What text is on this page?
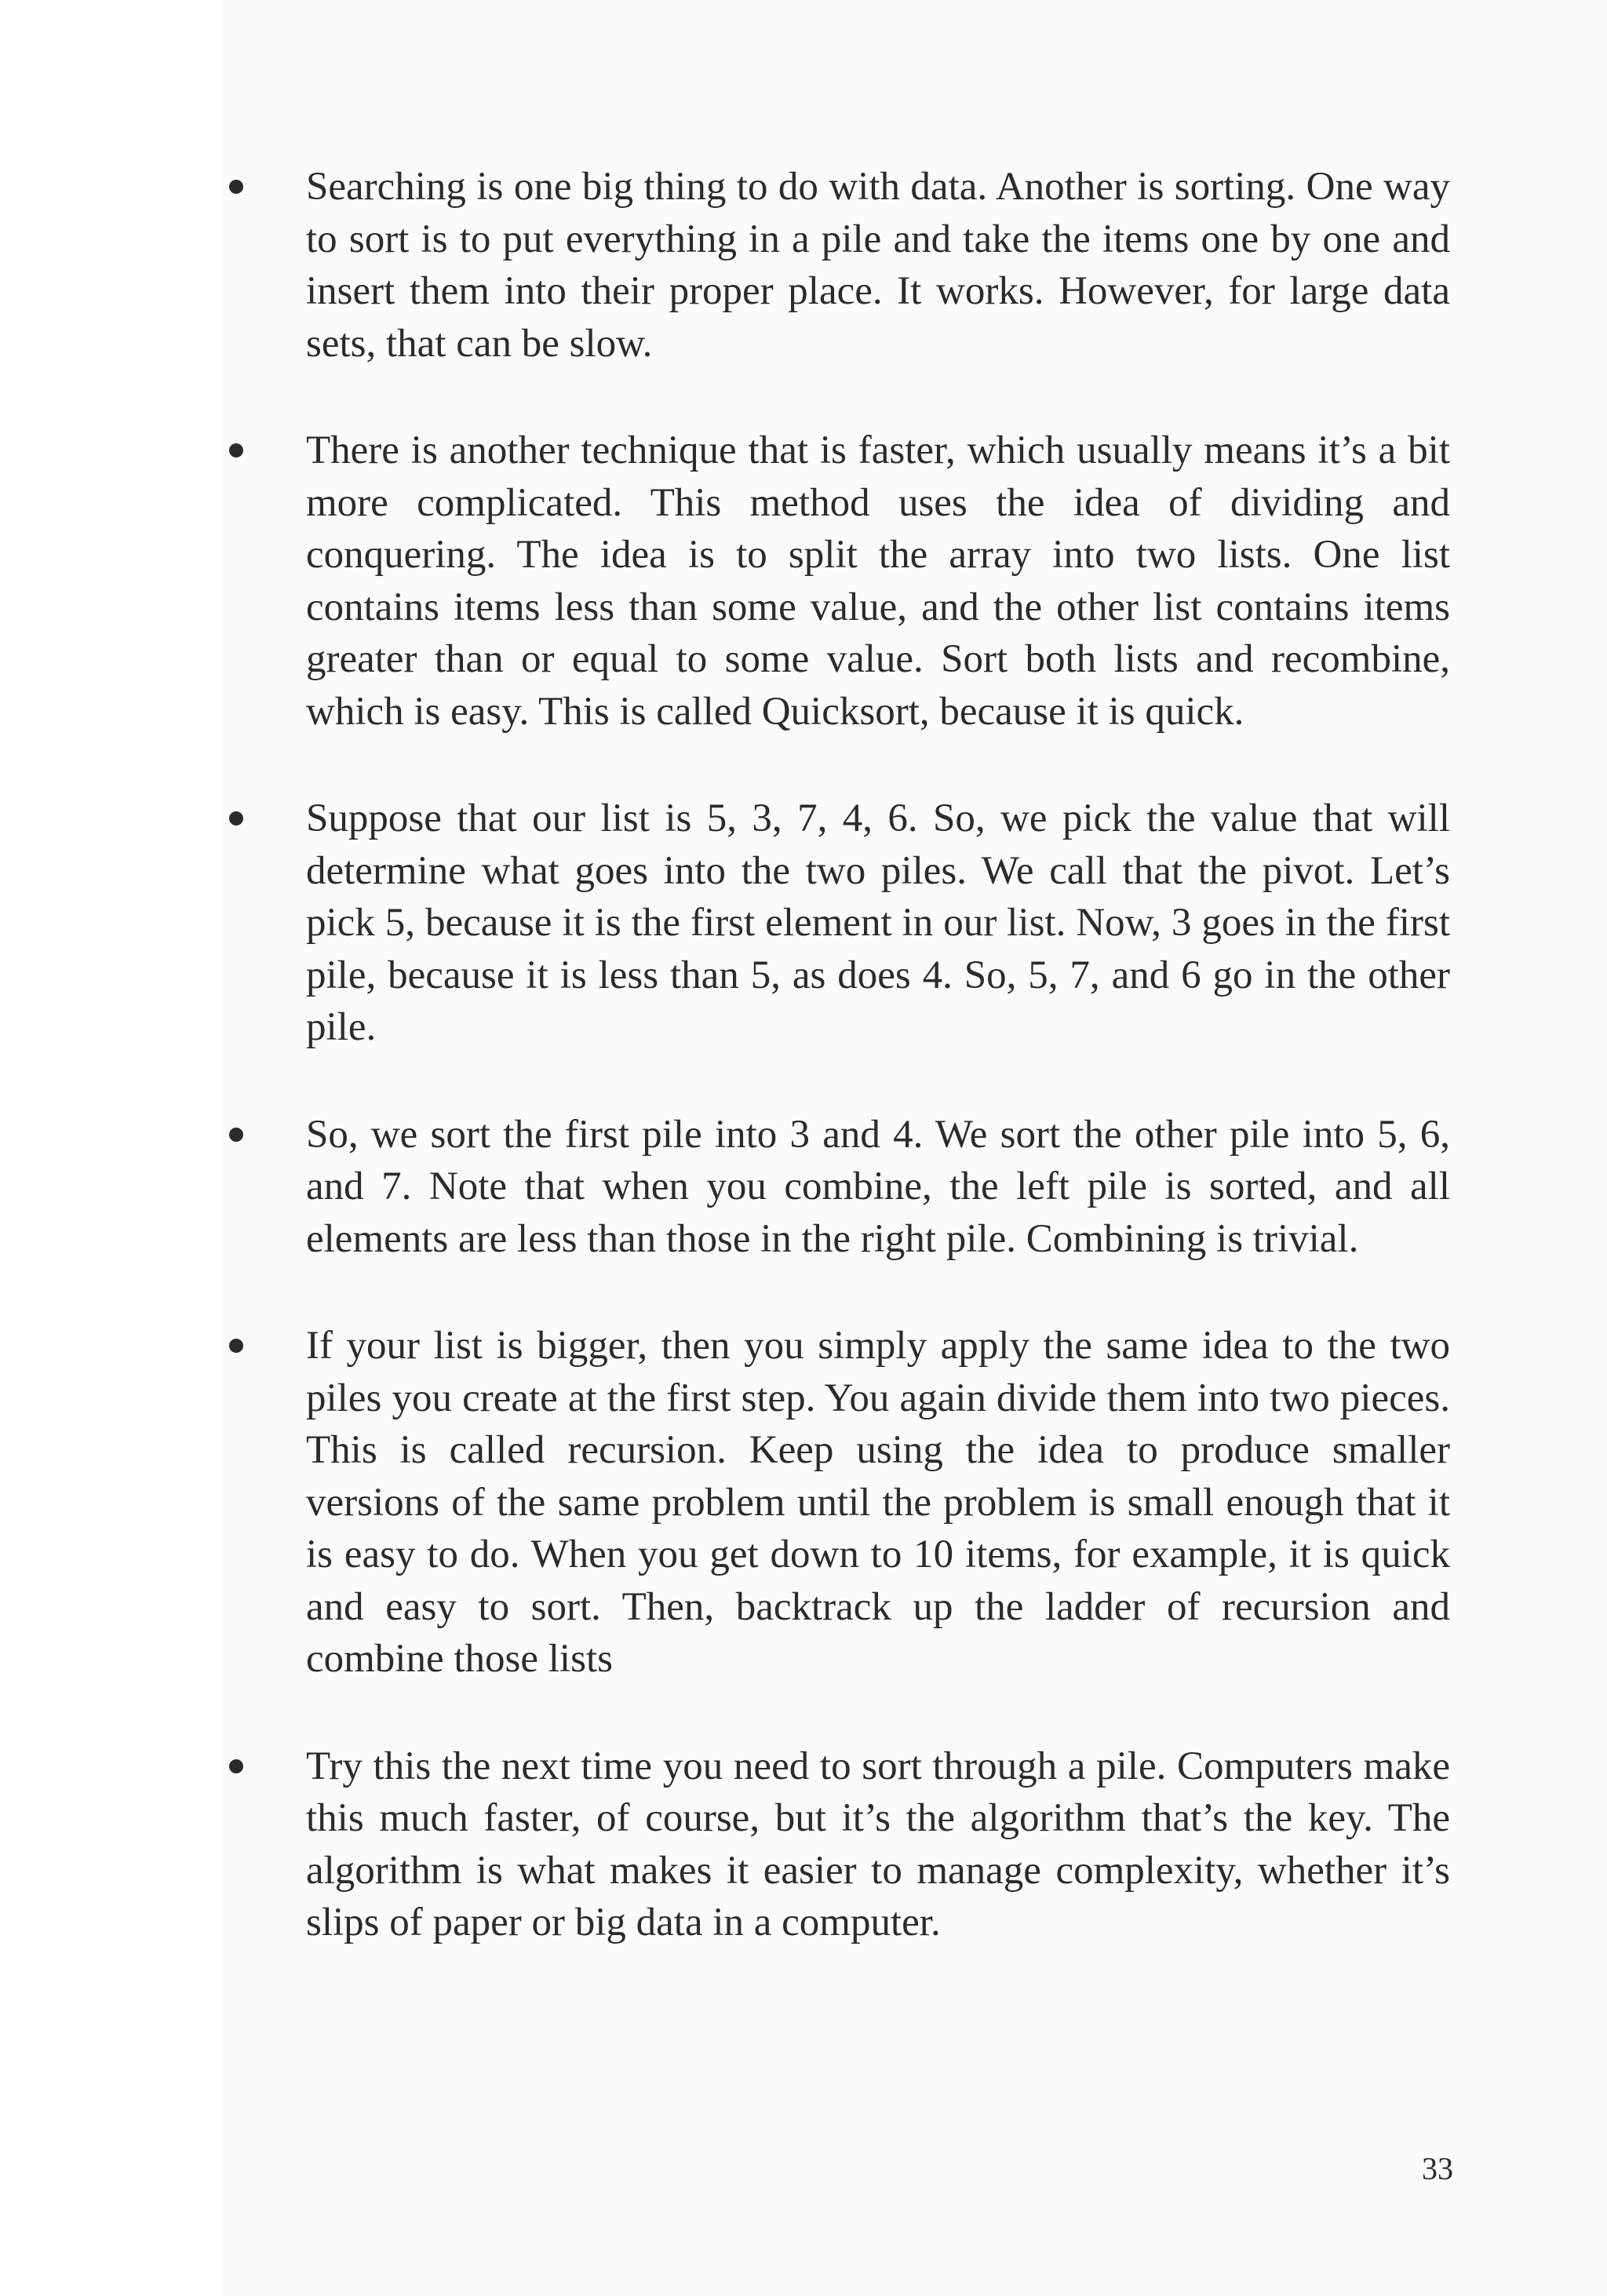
Searching is one big thing to do with data. Another is sorting. One way to sort is to put everything in a pile and take the items one by one and insert them into their proper place. It works. However, for large data sets, that can be slow.
There is another technique that is faster, which usually means it’s a bit more complicated. This method uses the idea of dividing and conquering. The idea is to split the array into two lists. One list contains items less than some value, and the other list contains items greater than or equal to some value. Sort both lists and recombine, which is easy. This is called Quicksort, because it is quick.
Suppose that our list is 5, 3, 7, 4, 6. So, we pick the value that will determine what goes into the two piles. We call that the pivot. Let’s pick 5, because it is the first element in our list. Now, 3 goes in the first pile, because it is less than 5, as does 4. So, 5, 7, and 6 go in the other pile.
So, we sort the first pile into 3 and 4. We sort the other pile into 5, 6, and 7. Note that when you combine, the left pile is sorted, and all elements are less than those in the right pile. Combining is trivial.
If your list is bigger, then you simply apply the same idea to the two piles you create at the first step. You again divide them into two pieces. This is called recursion. Keep using the idea to produce smaller versions of the same problem until the problem is small enough that it is easy to do. When you get down to 10 items, for example, it is quick and easy to sort. Then, backtrack up the ladder of recursion and combine those lists
Try this the next time you need to sort through a pile. Computers make this much faster, of course, but it’s the algorithm that’s the key. The algorithm is what makes it easier to manage complexity, whether it’s slips of paper or big data in a computer.
33
